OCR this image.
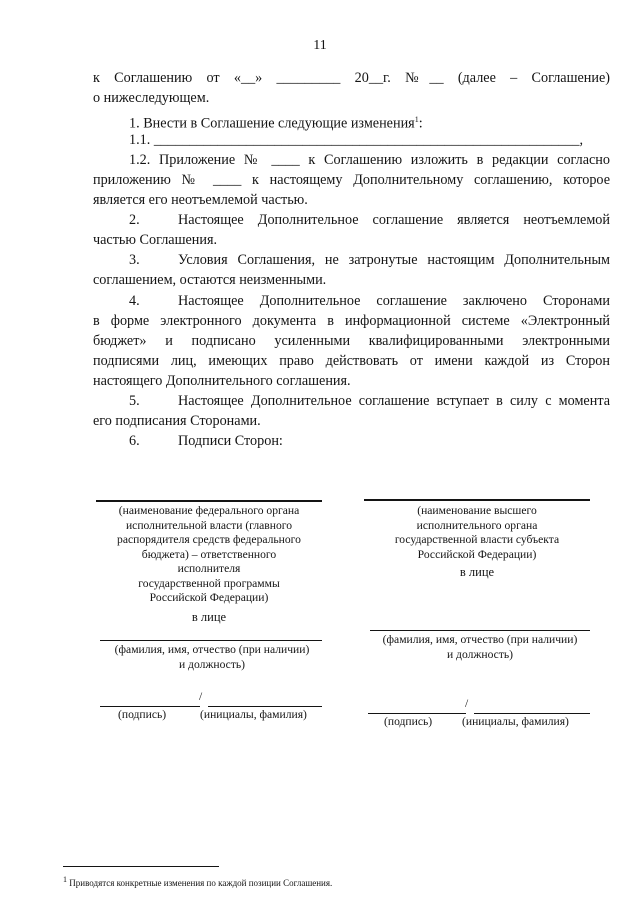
11
к Соглашению от «__» _________ 20__г. №__ (далее – Соглашение)
о нижеследующем.
1. Внести в Соглашение следующие изменения$^1$:
1.1. ____________________________________________________________,
1.2. Приложение № ____ к Соглашению изложить в редакции согласно
приложению № ____ к настоящему Дополнительному соглашению, которое
является его неотъемлемой частью.
2.	Настоящее Дополнительное соглашение является неотъемлемой
частью Соглашения.
3.	Условия Соглашения, не затронутые настоящим Дополнительным
соглашением, остаются неизменными.
4.	Настоящее Дополнительное соглашение заключено Сторонами
в форме электронного документа в информационной системе «Электронный
бюджет» и подписано усиленными квалифицированными электронными
подписями лиц, имеющих право действовать от имени каждой из Сторон
настоящего Дополнительного соглашения.
5.	Настоящее Дополнительное соглашение вступает в силу с момента
его подписания Сторонами.
6.	Подписи Сторон:
(наименование федерального органа
исполнительной власти (главного
распорядителя средств федерального
бюджета) – ответственного
исполнителя
государственной программы
Российской Федерации)
в лице
(фамилия, имя, отчество (при наличии)
и должность)
/
(подпись)	(инициалы, фамилия)
(наименование высшего
исполнительного органа
государственной власти субъекта
Российской Федерации)
в лице
(фамилия, имя, отчество (при наличии)
и должность)
/
(подпись)	(инициалы, фамилия)
$^1$ Приводятся конкретные изменения по каждой позиции Соглашения.
